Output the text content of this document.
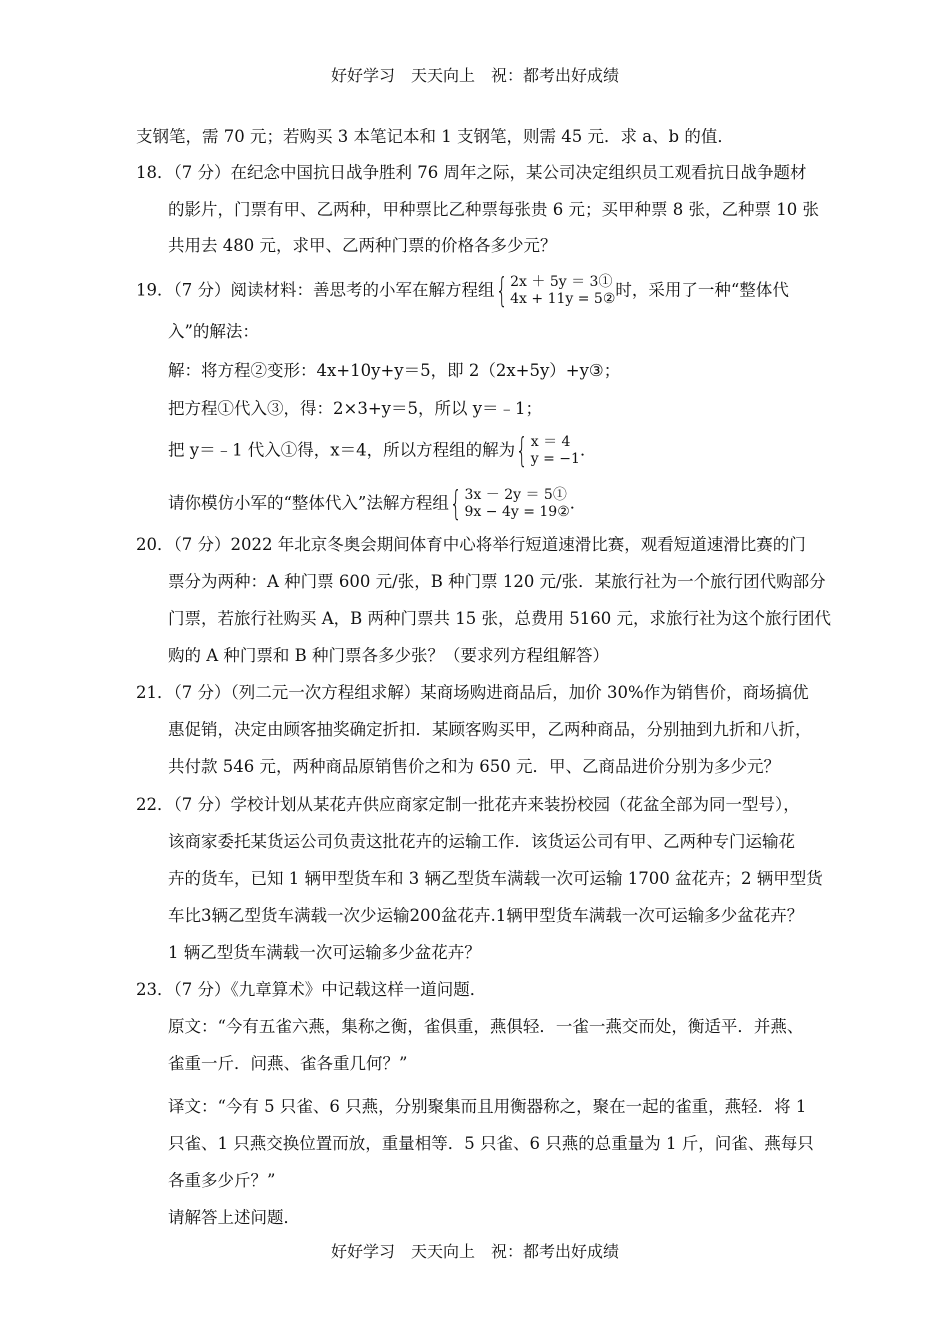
好好学习　天天向上　祝：都考出好成绩
支钢笔，需 70 元；若购买 3 本笔记本和 1 支钢笔，则需 45 元．求 a、b 的值．
18．（7 分）在纪念中国抗日战争胜利 76 周年之际，某公司决定组织员工观看抗日战争题材
的影片，门票有甲、乙两种，甲种票比乙种票每张贵 6 元；买甲种票 8 张，乙种票 10 张
共用去 480 元，求甲、乙两种门票的价格各多少元？
19．（7 分）阅读材料：善思考的小军在解方程组{ 2x ＋ 5y ＝ 3①
4x + 11y = 5② 时，采用了一种“整体代
入”的解法：
解：将方程②变形：4x+10y+y＝5，即 2（2x+5y）+y③；
把方程①代入③，得：2×3+y＝5，所以 y＝﹣1；
把 y＝﹣1 代入①得，x＝4，所以方程组的解为{ x ＝ 4
y = −1 ．
请你模仿小军的“整体代入”法解方程组{ 3x － 2y ＝ 5①
9x − 4y = 19② ．
20．（7 分）2022 年北京冬奥会期间体育中心将举行短道速滑比赛，观看短道速滑比赛的门
票分为两种：A 种门票 600 元/张，B 种门票 120 元/张．某旅行社为一个旅行团代购部分
门票，若旅行社购买 A，B 两种门票共 15 张，总费用 5160 元，求旅行社为这个旅行团代
购的 A 种门票和 B 种门票各多少张？（要求列方程组解答）
21．（7 分）（列二元一次方程组求解）某商场购进商品后，加价 30%作为销售价，商场搞优
惠促销，决定由顾客抽奖确定折扣．某顾客购买甲，乙两种商品，分别抽到九折和八折，
共付款 546 元，两种商品原销售价之和为 650 元．甲、乙商品进价分别为多少元？
22．（7 分）学校计划从某花卉供应商家定制一批花卉来装扮校园（花盆全部为同一型号），
该商家委托某货运公司负责这批花卉的运输工作．该货运公司有甲、乙两种专门运输花
卉的货车，已知 1 辆甲型货车和 3 辆乙型货车满载一次可运输 1700 盆花卉；2 辆甲型货
车比3辆乙型货车满载一次少运输200盆花卉.1辆甲型货车满载一次可运输多少盆花卉？
1 辆乙型货车满载一次可运输多少盆花卉？
23．（7 分）《九章算术》中记载这样一道问题．
原文：“今有五雀六燕，集称之衡，雀俱重，燕俱轻．一雀一燕交而处，衡适平．并燕、
雀重一斤．问燕、雀各重几何？”
译文：“今有 5 只雀、6 只燕，分别聚集而且用衡器称之，聚在一起的雀重，燕轻．将 1
只雀、1 只燕交换位置而放，重量相等．5 只雀、6 只燕的总重量为 1 斤，问雀、燕每只
各重多少斤？”
请解答上述问题．
好好学习　天天向上　祝：都考出好成绩
